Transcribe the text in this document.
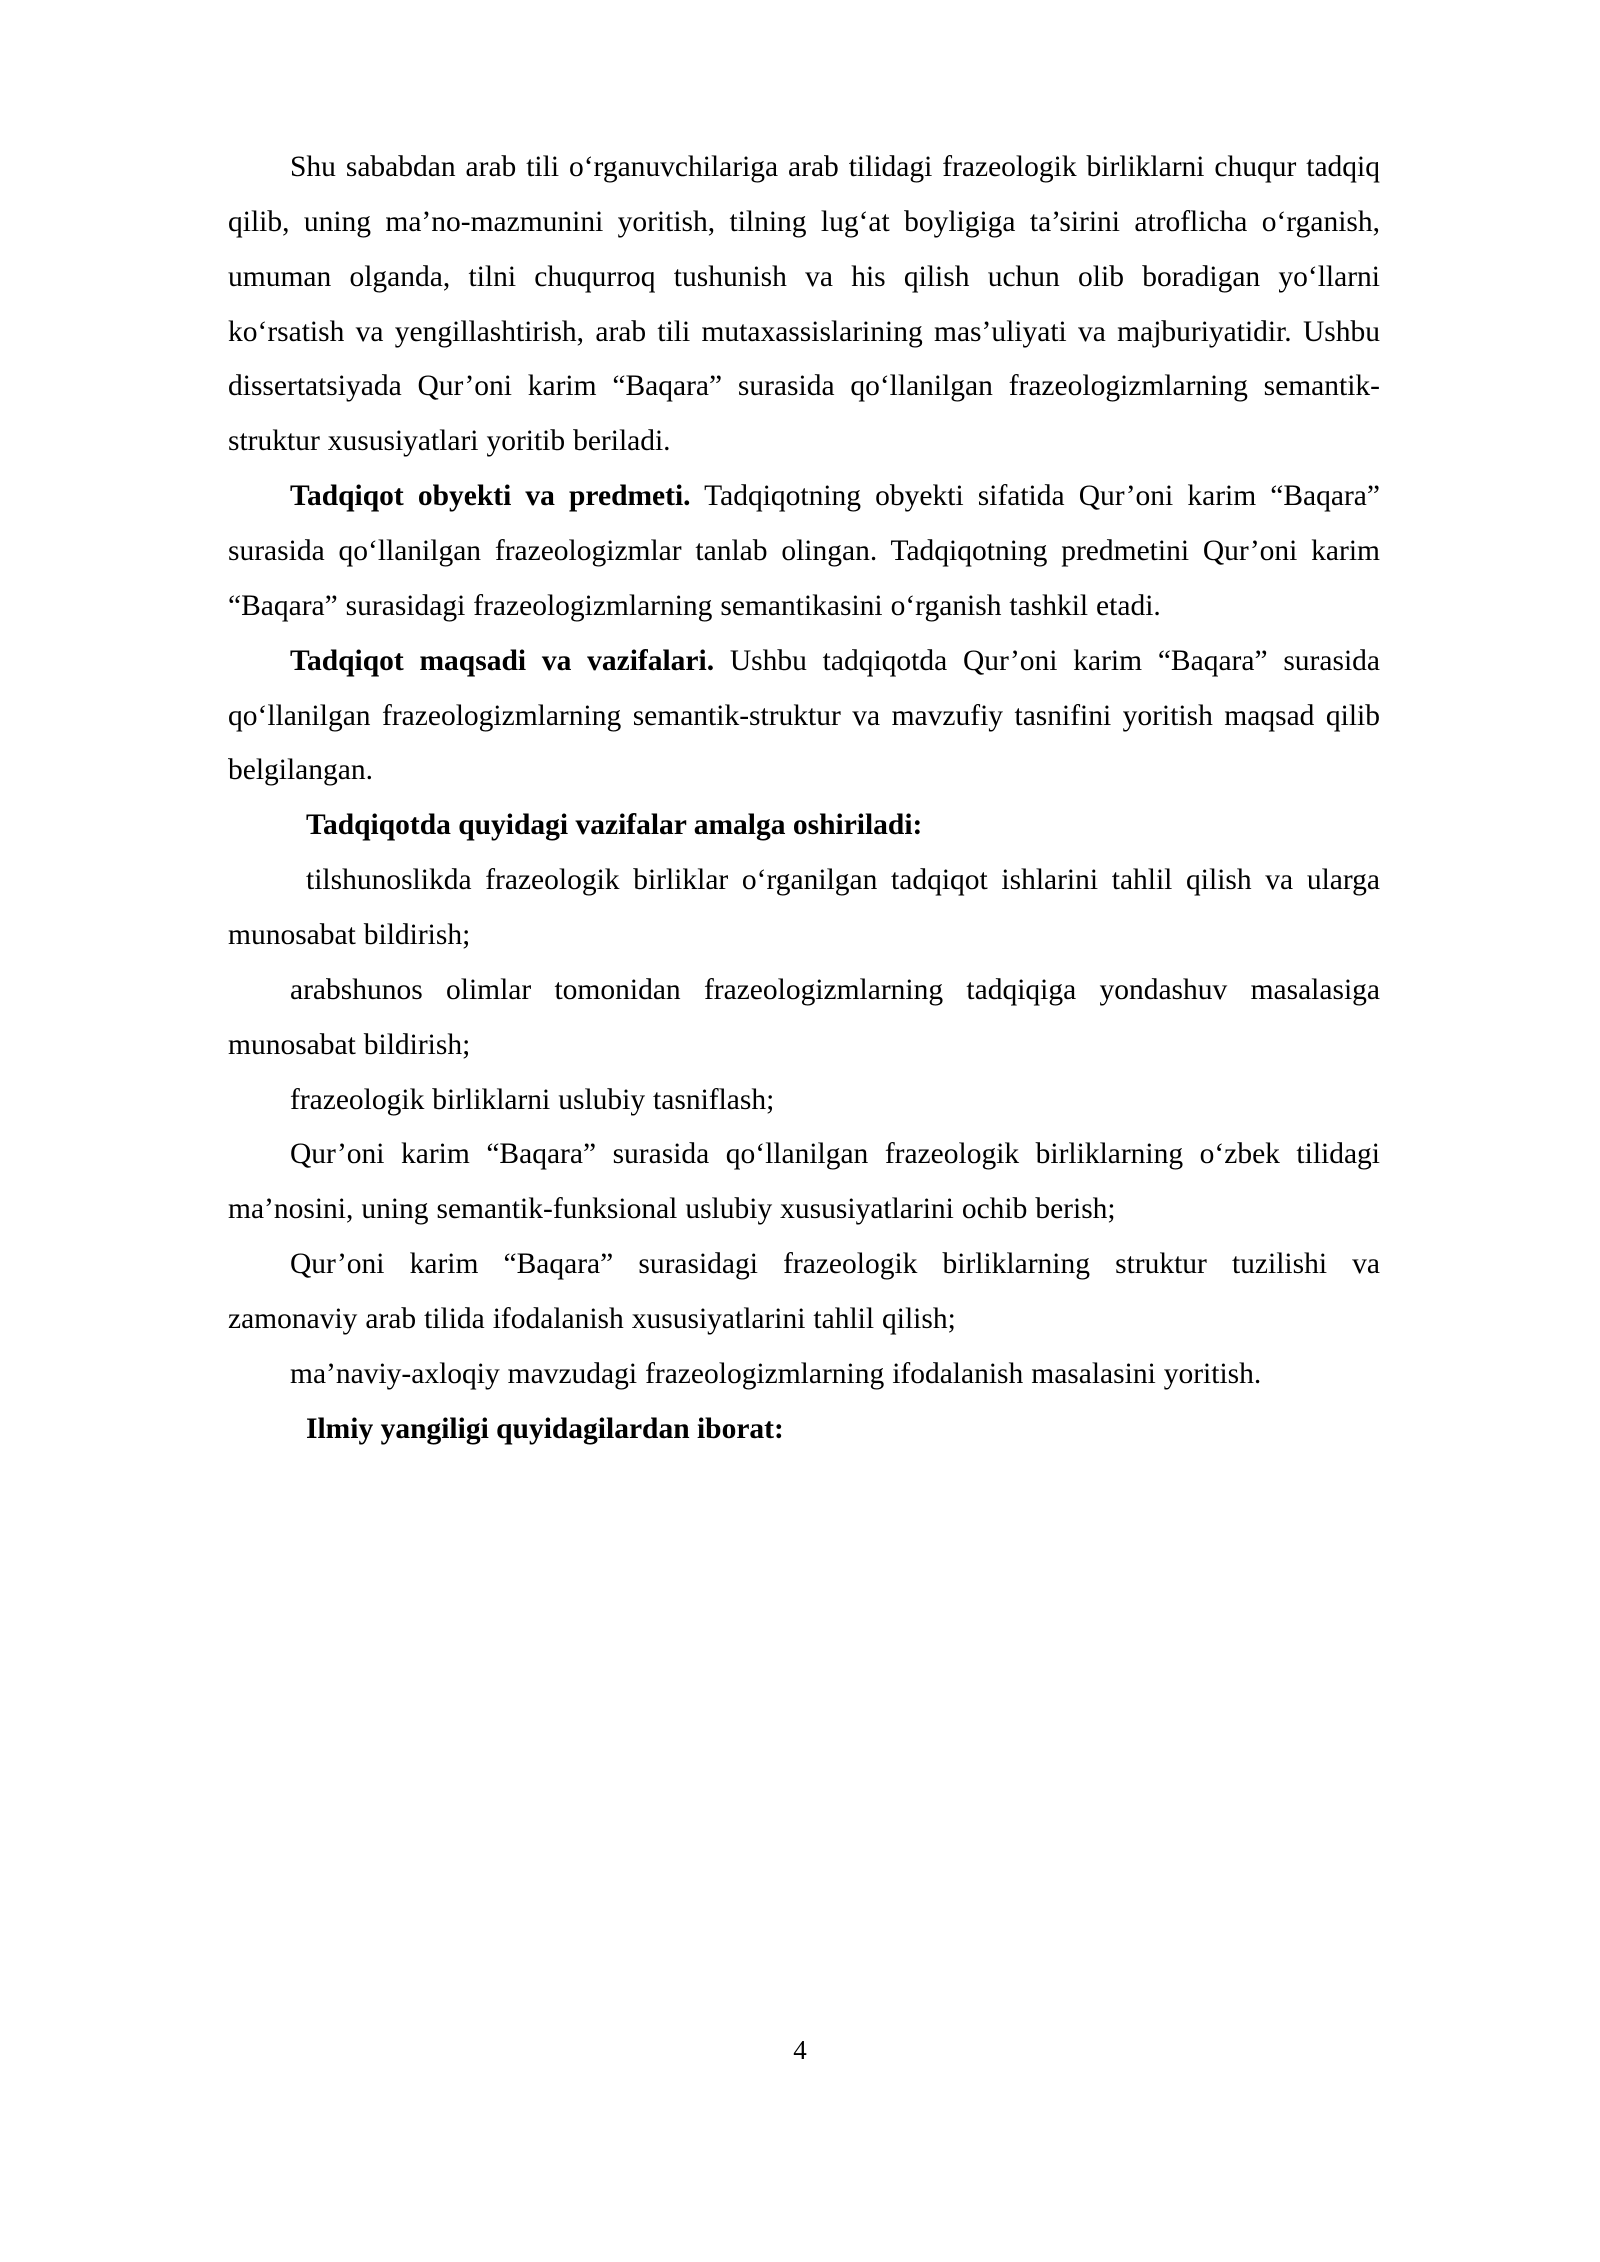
Shu sababdan arab tili o‘rganuvchilariga arab tilidagi frazeologik birliklarni chuqur tadqiq qilib, uning ma’no-mazmunini yoritish, tilning lug‘at boyligiga ta’sirini atroflicha o‘rganish, umuman olganda, tilni chuqurroq tushunish va his qilish uchun olib boradigan yo‘llarni ko‘rsatish va yengillashtirish, arab tili mutaxassislarining mas’uliyati va majburiyatidir. Ushbu dissertatsiyada Qur’oni karim “Baqara” surasida qo‘llanilgan frazeologizmlarning semantik-struktur xususiyatlari yoritib beriladi.

Tadqiqot obyekti va predmeti. Tadqiqotning obyekti sifatida Qur’oni karim “Baqara” surasida qo‘llanilgan frazeologizmlar tanlab olingan. Tadqiqotning predmetini Qur’oni karim “Baqara” surasidagi frazeologizmlarning semantikasini o‘rganish tashkil etadi.

Tadqiqot maqsadi va vazifalari. Ushbu tadqiqotda Qur’oni karim “Baqara” surasida qo‘llanilgan frazeologizmlarning semantik-struktur va mavzufiy tasnifini yoritish maqsad qilib belgilangan.

Tadqiqotda quyidagi vazifalar amalga oshiriladi:

tilshunoslikda frazeologik birliklar o‘rganilgan tadqiqot ishlarini tahlil qilish va ularga munosabat bildirish;

arabshunos olimlar tomonidan frazeologizmlarning tadqiqiga yondashuv masalasiga munosabat bildirish;

frazeologik birliklarni uslubiy tasniflash;

Qur’oni karim “Baqara” surasida qo‘llanilgan frazeologik birliklarning o‘zbek tilidagi ma’nosini, uning semantik-funksional uslubiy xususiyatlarini ochib berish;

Qur’oni karim “Baqara” surasidagi frazeologik birliklarning struktur tuzilishi va zamonaviy arab tilida ifodalanish xususiyatlarini tahlil qilish;

ma’naviy-axloqiy mavzudagi frazeologizmlarning ifodalanish masalasini yoritish.

Ilmiy yangiligi quyidagilardan iborat:

4
